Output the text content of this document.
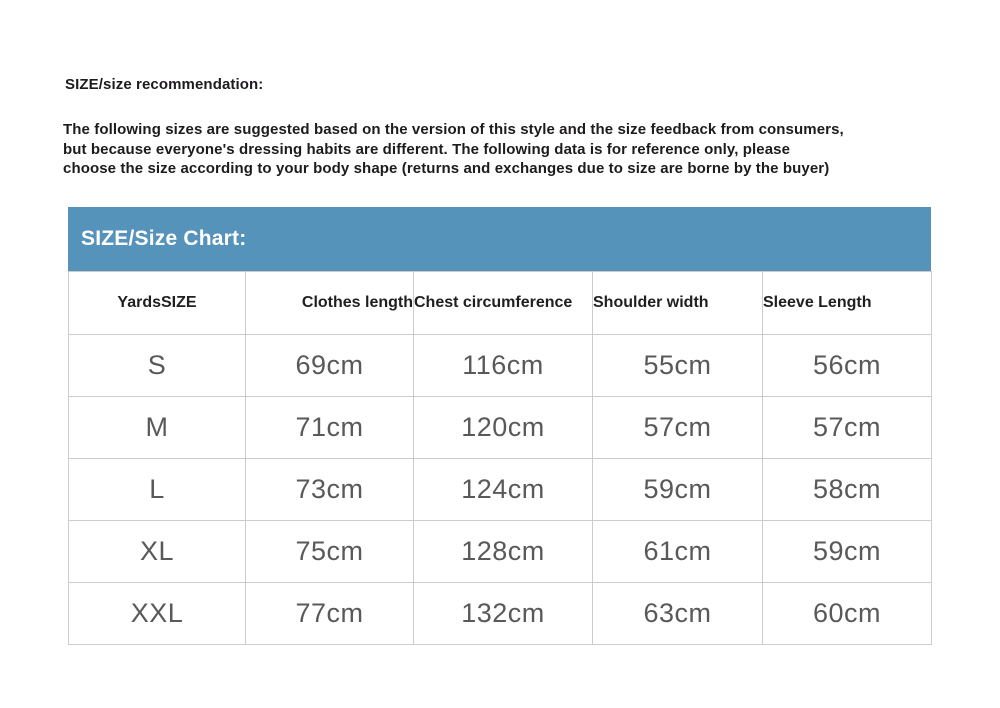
SIZE/size recommendation:
The following sizes are suggested based on the version of this style and the size feedback from consumers,
but because everyone's dressing habits are different. The following data is for reference only, please
choose the size according to your body shape (returns and exchanges due to size are borne by the buyer)
SIZE/Size Chart:
YardsSIZE	Clothes length	Chest circumference	Shoulder width	Sleeve Length
S	69cm	116cm	55cm	56cm
M	71cm	120cm	57cm	57cm
L	73cm	124cm	59cm	58cm
XL	75cm	128cm	61cm	59cm
XXL	77cm	132cm	63cm	60cm
